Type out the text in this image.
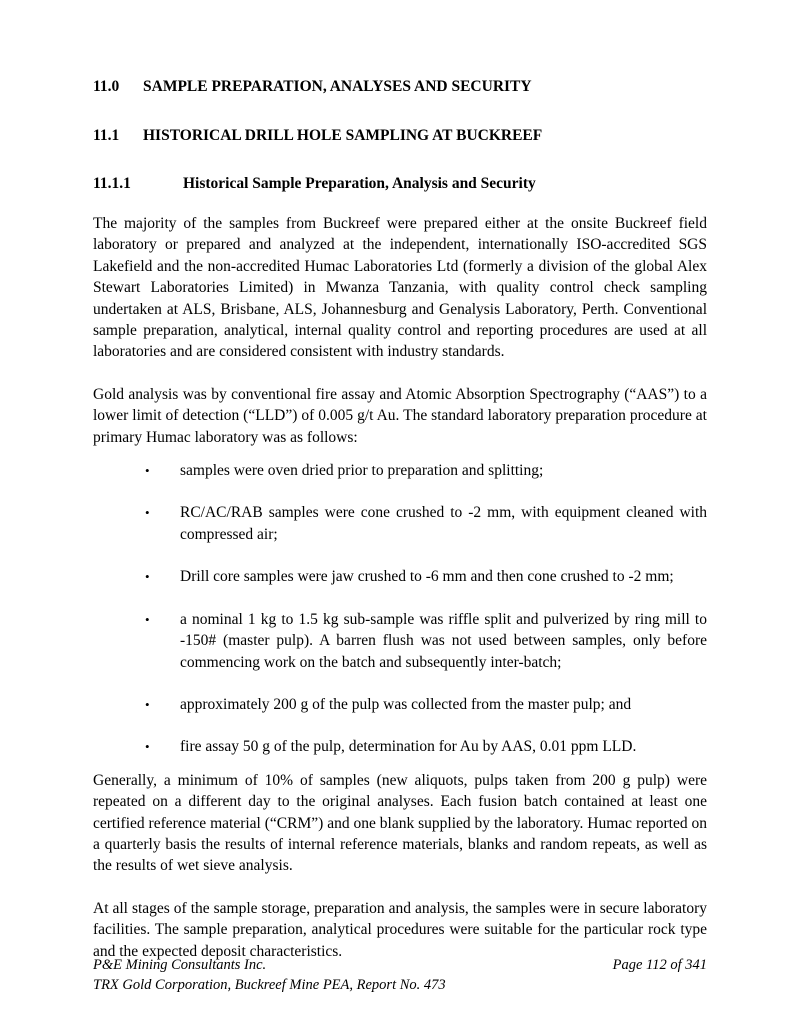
11.0	SAMPLE PREPARATION, ANALYSES AND SECURITY
11.1	HISTORICAL DRILL HOLE SAMPLING AT BUCKREEF
11.1.1	Historical Sample Preparation, Analysis and Security

The majority of the samples from Buckreef were prepared either at the onsite Buckreef field laboratory or prepared and analyzed at the independent, internationally ISO-accredited SGS Lakefield and the non-accredited Humac Laboratories Ltd (formerly a division of the global Alex Stewart Laboratories Limited) in Mwanza Tanzania, with quality control check sampling undertaken at ALS, Brisbane, ALS, Johannesburg and Genalysis Laboratory, Perth. Conventional sample preparation, analytical, internal quality control and reporting procedures are used at all laboratories and are considered consistent with industry standards.

Gold analysis was by conventional fire assay and Atomic Absorption Spectrography (“AAS”) to a lower limit of detection (“LLD”) of 0.005 g/t Au. The standard laboratory preparation procedure at primary Humac laboratory was as follows:

•	samples were oven dried prior to preparation and splitting;
•	RC/AC/RAB samples were cone crushed to -2 mm, with equipment cleaned with compressed air;
•	Drill core samples were jaw crushed to -6 mm and then cone crushed to -2 mm;
•	a nominal 1 kg to 1.5 kg sub-sample was riffle split and pulverized by ring mill to -150# (master pulp). A barren flush was not used between samples, only before commencing work on the batch and subsequently inter-batch;
•	approximately 200 g of the pulp was collected from the master pulp; and
•	fire assay 50 g of the pulp, determination for Au by AAS, 0.01 ppm LLD.

Generally, a minimum of 10% of samples (new aliquots, pulps taken from 200 g pulp) were repeated on a different day to the original analyses. Each fusion batch contained at least one certified reference material (“CRM”) and one blank supplied by the laboratory. Humac reported on a quarterly basis the results of internal reference materials, blanks and random repeats, as well as the results of wet sieve analysis.

At all stages of the sample storage, preparation and analysis, the samples were in secure laboratory facilities. The sample preparation, analytical procedures were suitable for the particular rock type and the expected deposit characteristics.

P&E Mining Consultants Inc.
TRX Gold Corporation, Buckreef Mine PEA, Report No. 473
Page 112 of 341
